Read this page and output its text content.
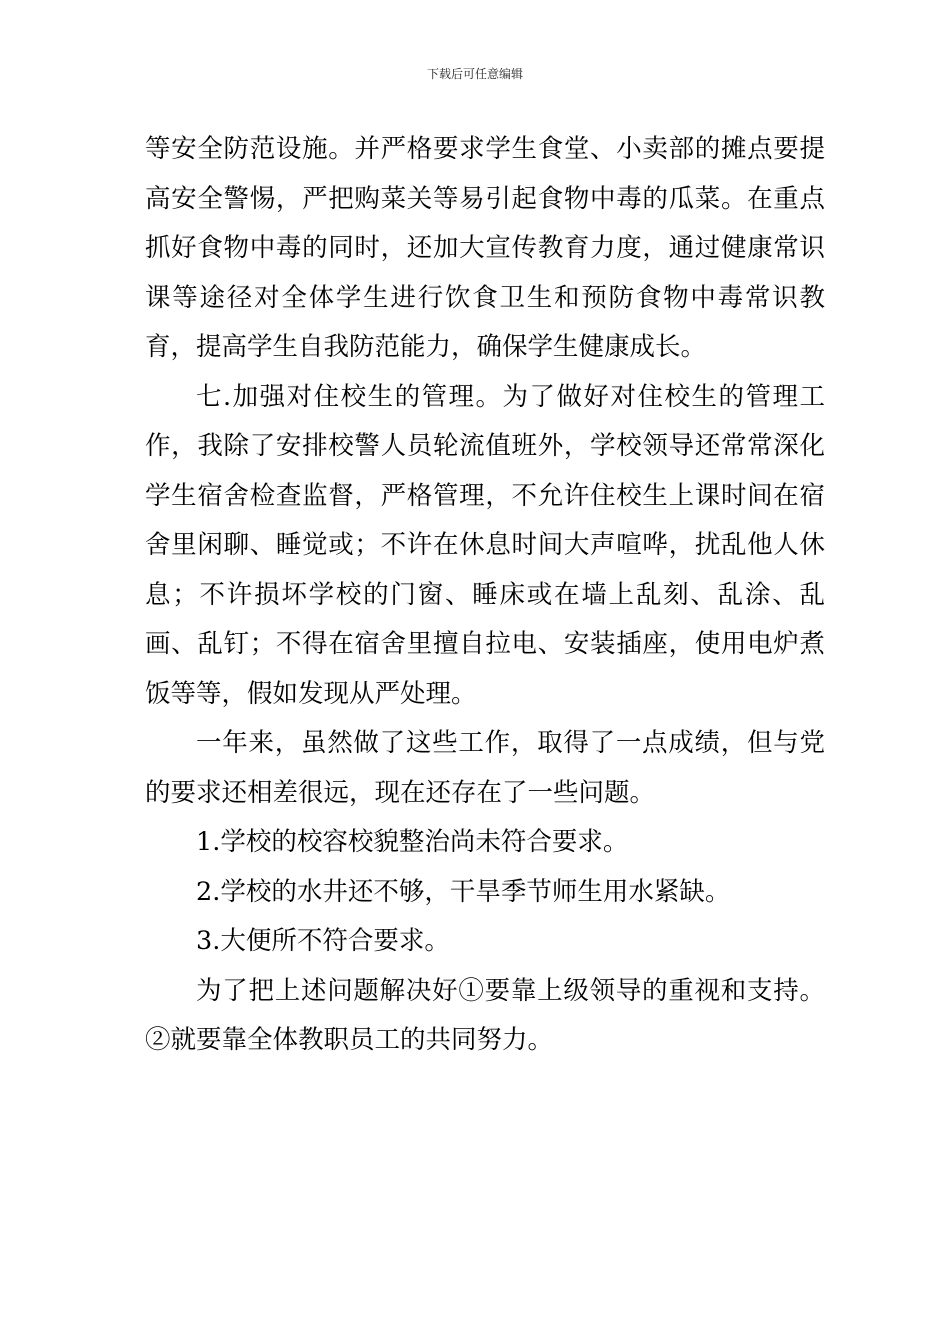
下载后可任意编辑

等安全防范设施。并严格要求学生食堂、小卖部的摊点要提高安全警惕，严把购菜关等易引起食物中毒的瓜菜。在重点抓好食物中毒的同时，还加大宣传教育力度，通过健康常识课等途径对全体学生进行饮食卫生和预防食物中毒常识教育，提高学生自我防范能力，确保学生健康成长。

七.加强对住校生的管理。为了做好对住校生的管理工作，我除了安排校警人员轮流值班外，学校领导还常常深化学生宿舍检查监督，严格管理，不允许住校生上课时间在宿舍里闲聊、睡觉或；不许在休息时间大声喧哗，扰乱他人休息；不许损坏学校的门窗、睡床或在墙上乱刻、乱涂、乱画、乱钉；不得在宿舍里擅自拉电、安装插座，使用电炉煮饭等等，假如发现从严处理。

一年来，虽然做了这些工作，取得了一点成绩，但与党的要求还相差很远，现在还存在了一些问题。

1.学校的校容校貌整治尚未符合要求。

2.学校的水井还不够，干旱季节师生用水紧缺。

3.大便所不符合要求。

为了把上述问题解决好①要靠上级领导的重视和支持。②就要靠全体教职员工的共同努力。
